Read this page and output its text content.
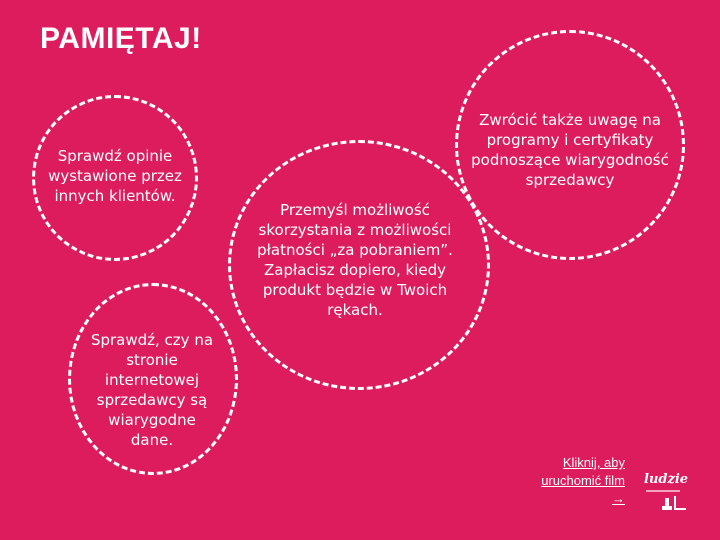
PAMIĘTAJ!
Sprawdź opinie wystawione przez innych klientów.
Sprawdź, czy na stronie internetowej sprzedawcy są wiarygodne dane.
Przemyśl możliwość skorzystania z możliwości płatności „za pobraniem”. Zapłacisz dopiero, kiedy produkt będzie w Twoich rękach.
Zwrócić także uwagę na programy i certyfikaty podnoszące wiarygodność sprzedawcy
Kliknij, aby uruchomić film →
ludzie
